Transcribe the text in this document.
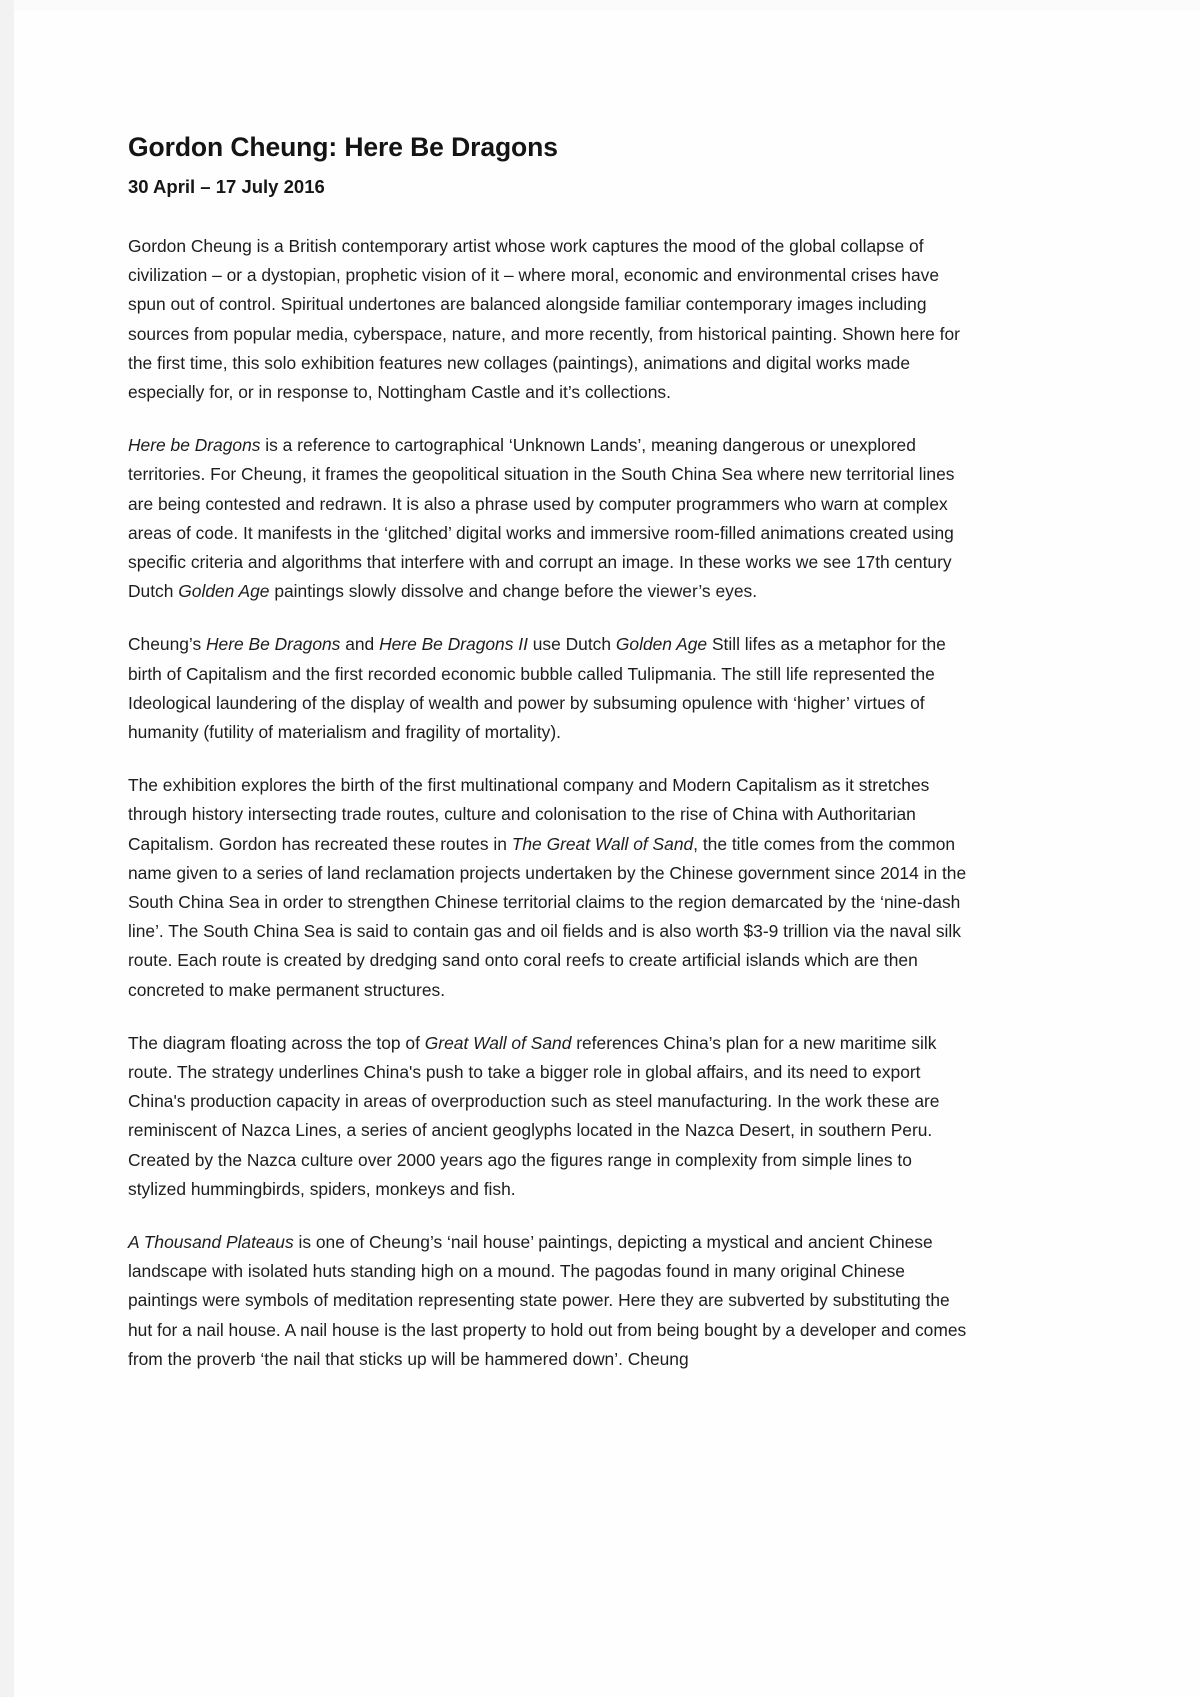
Gordon Cheung: Here Be Dragons
30 April – 17 July 2016

Gordon Cheung is a British contemporary artist whose work captures the mood of the global collapse of civilization – or a dystopian, prophetic vision of it – where moral, economic and environmental crises have spun out of control. Spiritual undertones are balanced alongside familiar contemporary images including sources from popular media, cyberspace, nature, and more recently, from historical painting. Shown here for the first time, this solo exhibition features new collages (paintings), animations and digital works made especially for, or in response to, Nottingham Castle and it’s collections.

Here be Dragons is a reference to cartographical ‘Unknown Lands’, meaning dangerous or unexplored territories. For Cheung, it frames the geopolitical situation in the South China Sea where new territorial lines are being contested and redrawn. It is also a phrase used by computer programmers who warn at complex areas of code. It manifests in the ‘glitched’ digital works and immersive room-filled animations created using specific criteria and algorithms that interfere with and corrupt an image. In these works we see 17th century Dutch Golden Age paintings slowly dissolve and change before the viewer’s eyes.

Cheung’s Here Be Dragons and Here Be Dragons II use Dutch Golden Age Still lifes as a metaphor for the birth of Capitalism and the first recorded economic bubble called Tulipmania. The still life represented the Ideological laundering of the display of wealth and power by subsuming opulence with ‘higher’ virtues of humanity (futility of materialism and fragility of mortality).

The exhibition explores the birth of the first multinational company and Modern Capitalism as it stretches through history intersecting trade routes, culture and colonisation to the rise of China with Authoritarian Capitalism. Gordon has recreated these routes in The Great Wall of Sand, the title comes from the common name given to a series of land reclamation projects undertaken by the Chinese government since 2014 in the South China Sea in order to strengthen Chinese territorial claims to the region demarcated by the ‘nine-dash line’. The South China Sea is said to contain gas and oil fields and is also worth $3-9 trillion via the naval silk route. Each route is created by dredging sand onto coral reefs to create artificial islands which are then concreted to make permanent structures.

The diagram floating across the top of Great Wall of Sand references China’s plan for a new maritime silk route. The strategy underlines China's push to take a bigger role in global affairs, and its need to export China's production capacity in areas of overproduction such as steel manufacturing. In the work these are reminiscent of Nazca Lines, a series of ancient geoglyphs located in the Nazca Desert, in southern Peru. Created by the Nazca culture over 2000 years ago the figures range in complexity from simple lines to stylized hummingbirds, spiders, monkeys and fish.

A Thousand Plateaus is one of Cheung’s ‘nail house’ paintings, depicting a mystical and ancient Chinese landscape with isolated huts standing high on a mound. The pagodas found in many original Chinese paintings were symbols of meditation representing state power. Here they are subverted by substituting the hut for a nail house. A nail house is the last property to hold out from being bought by a developer and comes from the proverb ‘the nail that sticks up will be hammered down’. Cheung
